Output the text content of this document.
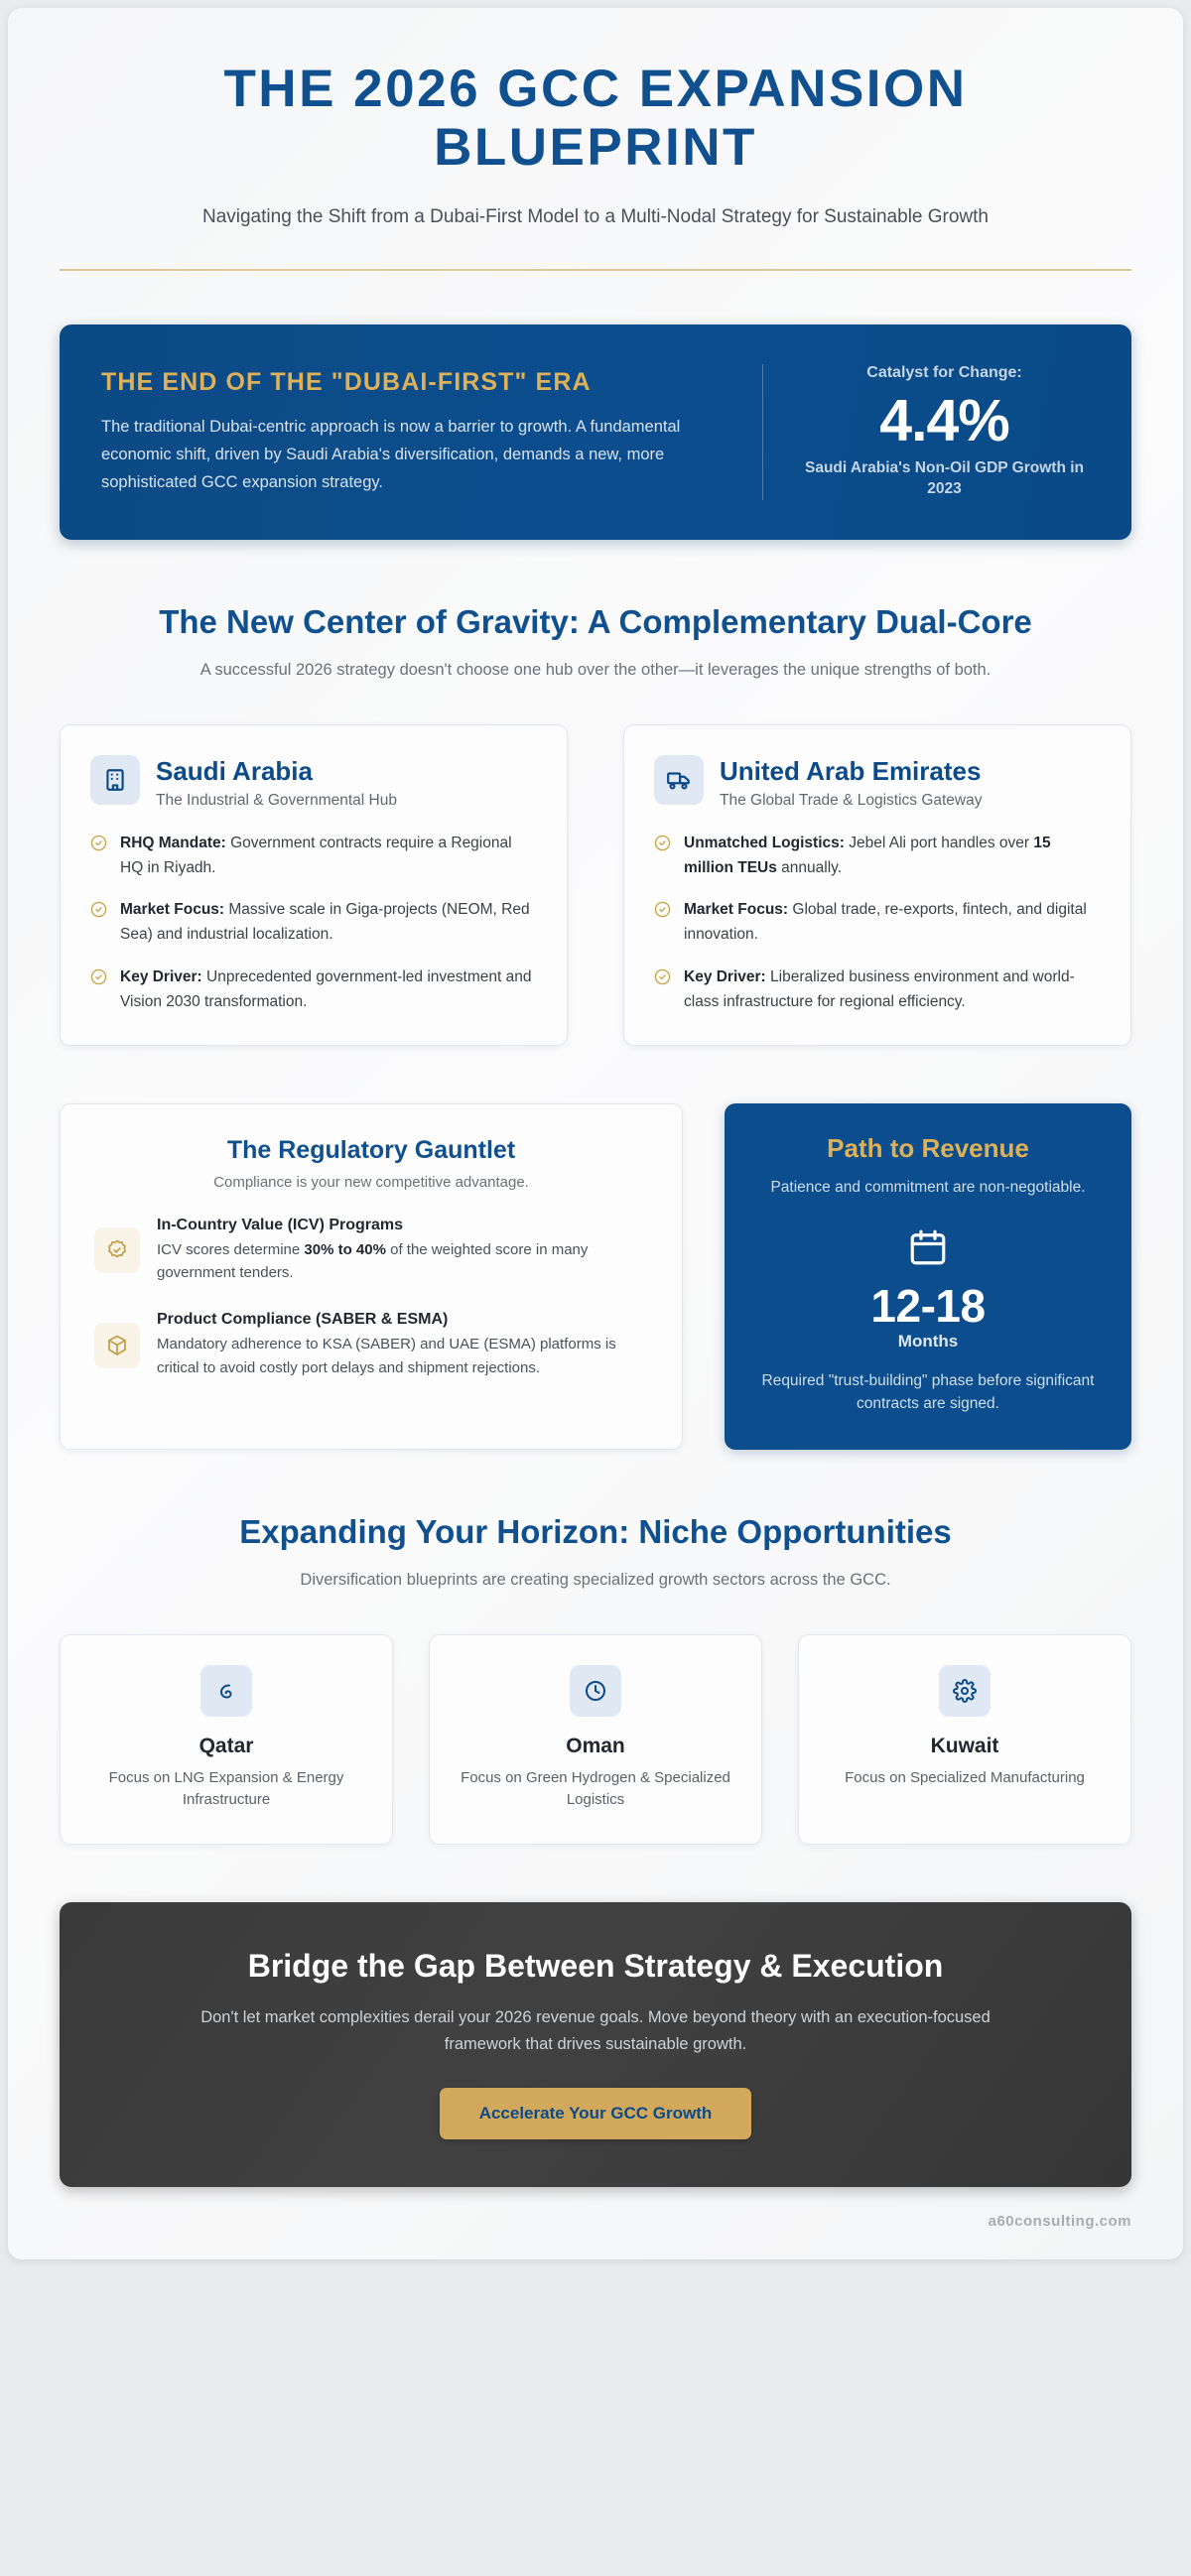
THE 2026 GCC EXPANSION BLUEPRINT

Navigating the Shift from a Dubai-First Model to a Multi-Nodal Strategy for Sustainable Growth

THE END OF THE "DUBAI-FIRST" ERA
The traditional Dubai-centric approach is now a barrier to growth. A fundamental economic shift, driven by Saudi Arabia's diversification, demands a new, more sophisticated GCC expansion strategy.
Catalyst for Change:
4.4%
Saudi Arabia's Non-Oil GDP Growth in 2023
The New Center of Gravity: A Complementary Dual-Core

A successful 2026 strategy doesn't choose one hub over the other—it leverages the unique strengths of both.

Saudi Arabia
The Industrial & Governmental Hub
RHQ Mandate: Government contracts require a Regional HQ in Riyadh.
Market Focus: Massive scale in Giga-projects (NEOM, Red Sea) and industrial localization.
Key Driver: Unprecedented government-led investment and Vision 2030 transformation.
United Arab Emirates
The Global Trade & Logistics Gateway
Unmatched Logistics: Jebel Ali port handles over 15 million TEUs annually.
Market Focus: Global trade, re-exports, fintech, and digital innovation.
Key Driver: Liberalized business environment and world-class infrastructure for regional efficiency.
The Regulatory Gauntlet
Compliance is your new competitive advantage.
In-Country Value (ICV) Programs
ICV scores determine 30% to 40% of the weighted score in many government tenders.
Product Compliance (SABER & ESMA)
Mandatory adherence to KSA (SABER) and UAE (ESMA) platforms is critical to avoid costly port delays and shipment rejections.
Path to Revenue
Patience and commitment are non-negotiable.
12-18
Months
Required "trust-building" phase before significant contracts are signed.
Expanding Your Horizon: Niche Opportunities

Diversification blueprints are creating specialized growth sectors across the GCC.

Qatar
Focus on LNG Expansion & Energy Infrastructure
Oman
Focus on Green Hydrogen & Specialized Logistics
Kuwait
Focus on Specialized Manufacturing
Bridge the Gap Between Strategy & Execution
Don't let market complexities derail your 2026 revenue goals. Move beyond theory with an execution-focused framework that drives sustainable growth.
Accelerate Your GCC Growth
a60consulting.com
